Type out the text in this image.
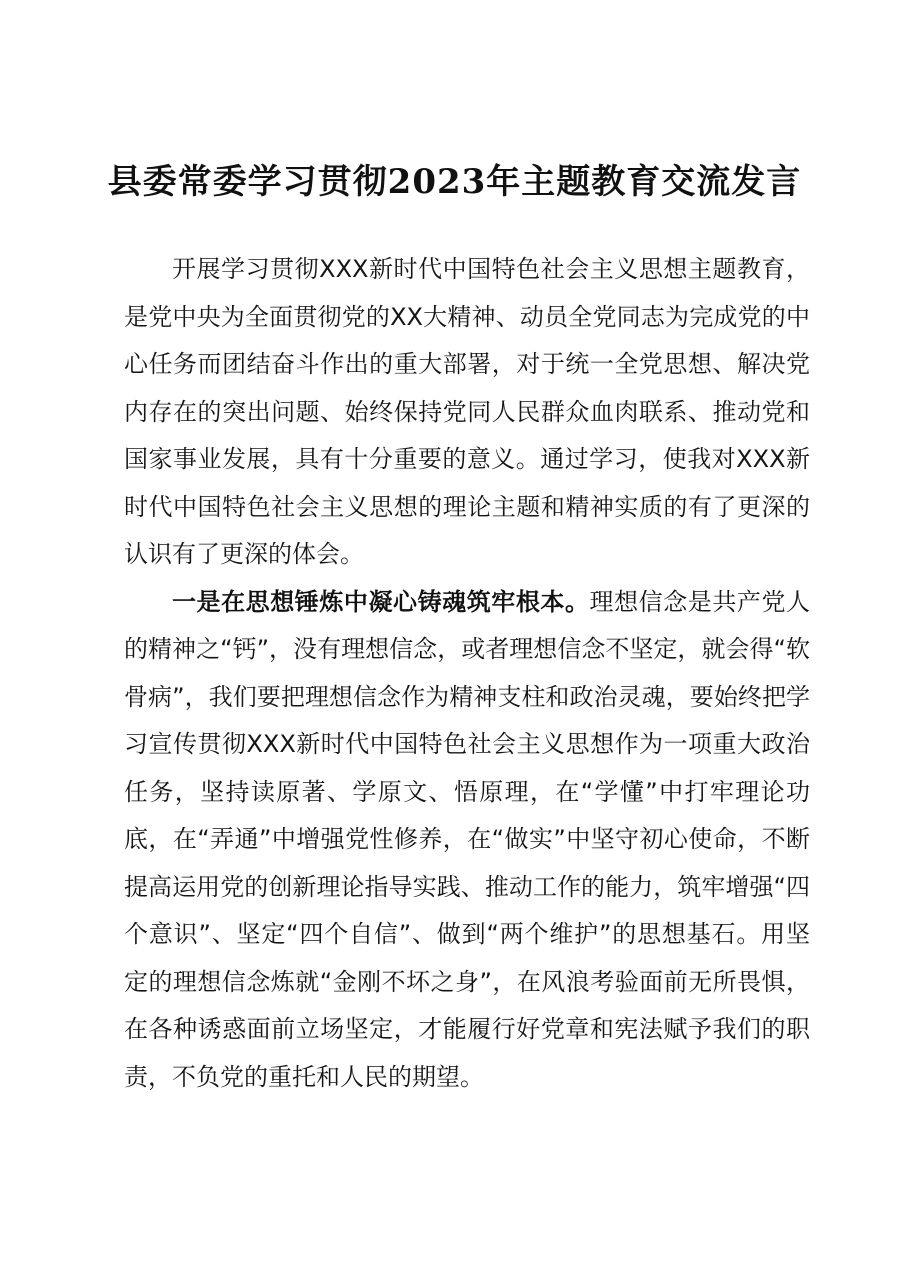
县委常委学习贯彻2023年主题教育交流发言

开展学习贯彻XXX新时代中国特色社会主义思想主题教育，是党中央为全面贯彻党的XX大精神、动员全党同志为完成党的中心任务而团结奋斗作出的重大部署，对于统一全党思想、解决党内存在的突出问题、始终保持党同人民群众血肉联系、推动党和国家事业发展，具有十分重要的意义。通过学习，使我对XXX新时代中国特色社会主义思想的理论主题和精神实质的有了更深的认识有了更深的体会。

一是在思想锤炼中凝心铸魂筑牢根本。理想信念是共产党人的精神之“钙”，没有理想信念，或者理想信念不坚定，就会得“软骨病”，我们要把理想信念作为精神支柱和政治灵魂，要始终把学习宣传贯彻XXX新时代中国特色社会主义思想作为一项重大政治任务，坚持读原著、学原文、悟原理，在“学懂”中打牢理论功底，在“弄通”中增强党性修养，在“做实”中坚守初心使命，不断提高运用党的创新理论指导实践、推动工作的能力，筑牢增强“四个意识”、坚定“四个自信”、做到“两个维护”的思想基石。用坚定的理想信念炼就“金刚不坏之身”，在风浪考验面前无所畏惧，在各种诱惑面前立场坚定，才能履行好党章和宪法赋予我们的职责，不负党的重托和人民的期望。
